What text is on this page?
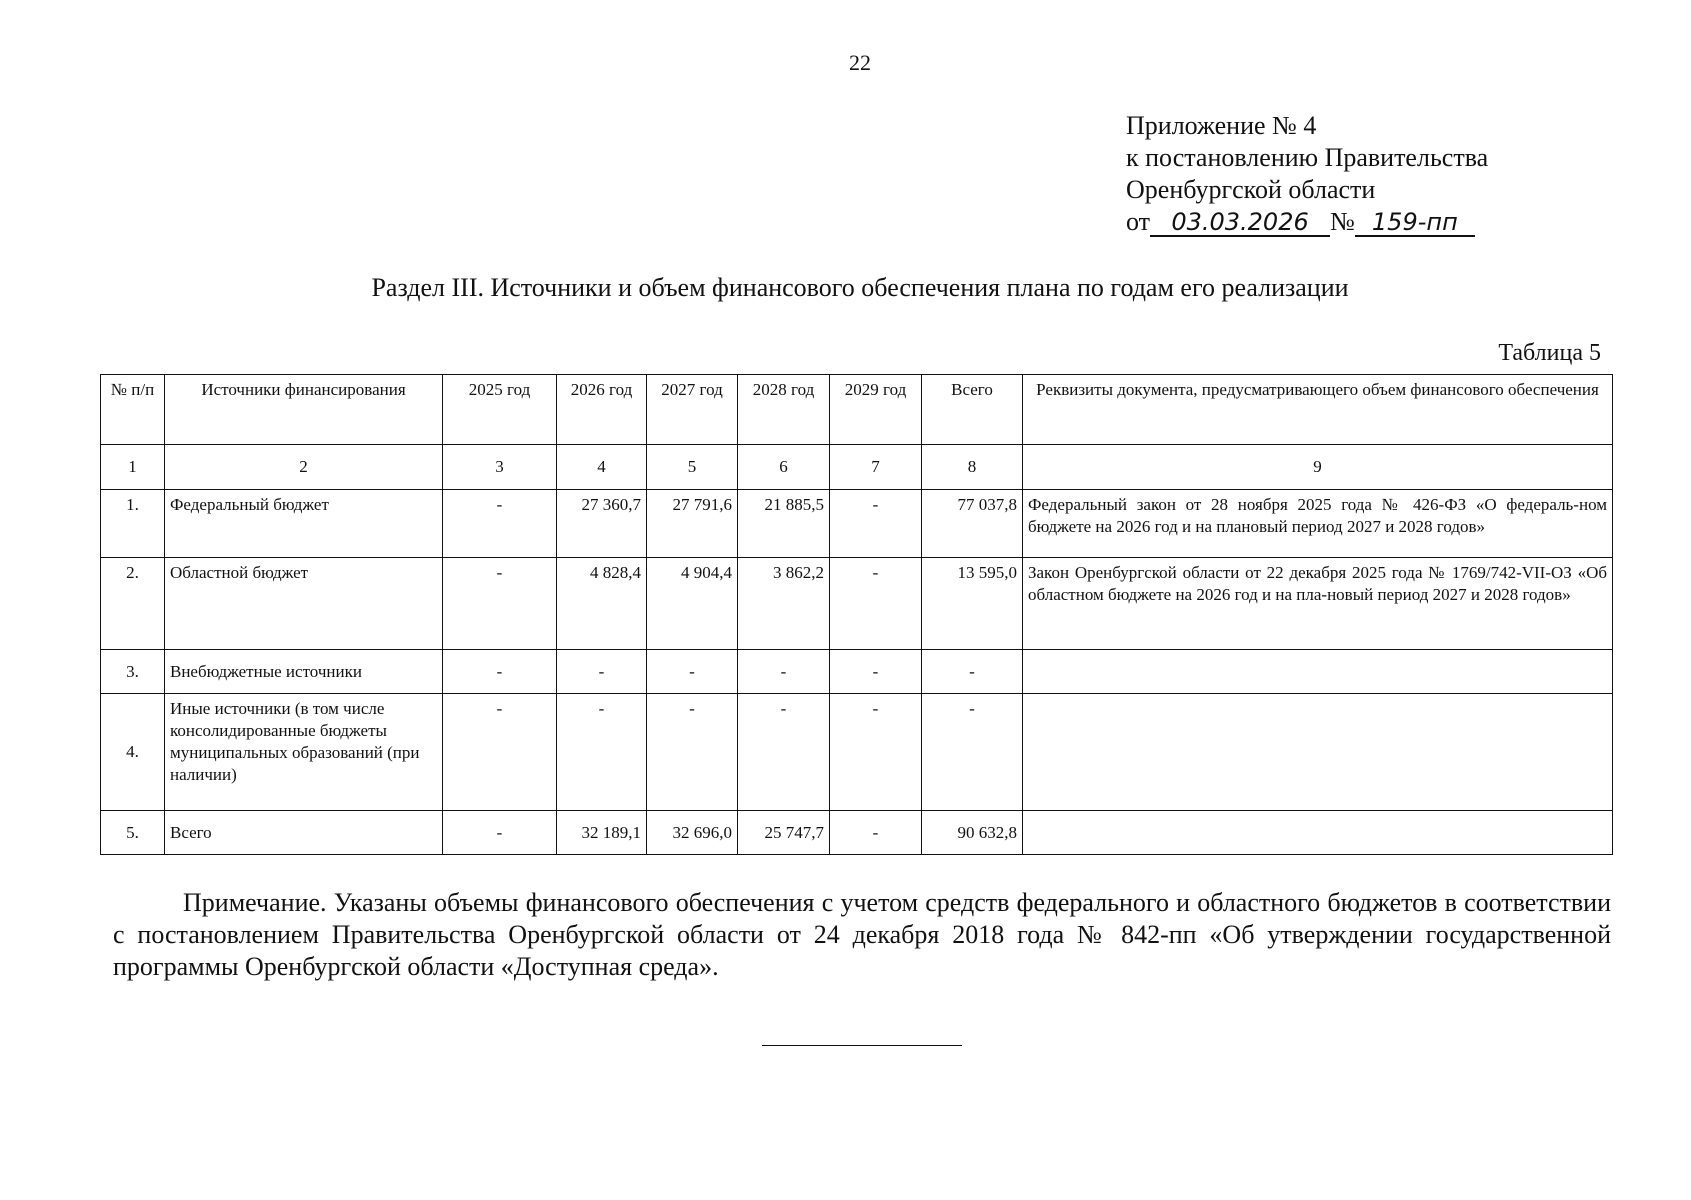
22
Приложение № 4
к постановлению Правительства
Оренбургской области
от 03.03.2026 № 159-пп
Раздел III. Источники и объем финансового обеспечения плана по годам его реализации
Таблица 5
№ п/п	Источники финансирования	2025 год	2026 год	2027 год	2028 год	2029 год	Всего	Реквизиты документа, предусматривающего объем финансового обеспечения
1	2	3	4	5	6	7	8	9
1.	Федеральный бюджет	-	27 360,7	27 791,6	21 885,5	-	77 037,8	Федеральный закон от 28 ноября 2025 года № 426-ФЗ «О федераль-ном бюджете на 2026 год и на плановый период 2027 и 2028 годов»
2.	Областной бюджет	-	4 828,4	4 904,4	3 862,2	-	13 595,0	Закон Оренбургской области от 22 декабря 2025 года № 1769/742-VII-ОЗ «Об областном бюджете на 2026 год и на пла-новый период 2027 и 2028 годов»
3.	Внебюджетные источники	-	-	-	-	-	-	
4.	Иные источники (в том числе консолидированные бюджеты муниципальных образований (при наличии)	-	-	-	-	-	-	
5.	Всего	-	32 189,1	32 696,0	25 747,7	-	90 632,8	
Примечание. Указаны объемы финансового обеспечения с учетом средств федерального и областного бюджетов в соответствии с постановлением Правительства Оренбургской области от 24 декабря 2018 года № 842-пп «Об утверждении государственной программы Оренбургской области «Доступная среда».
